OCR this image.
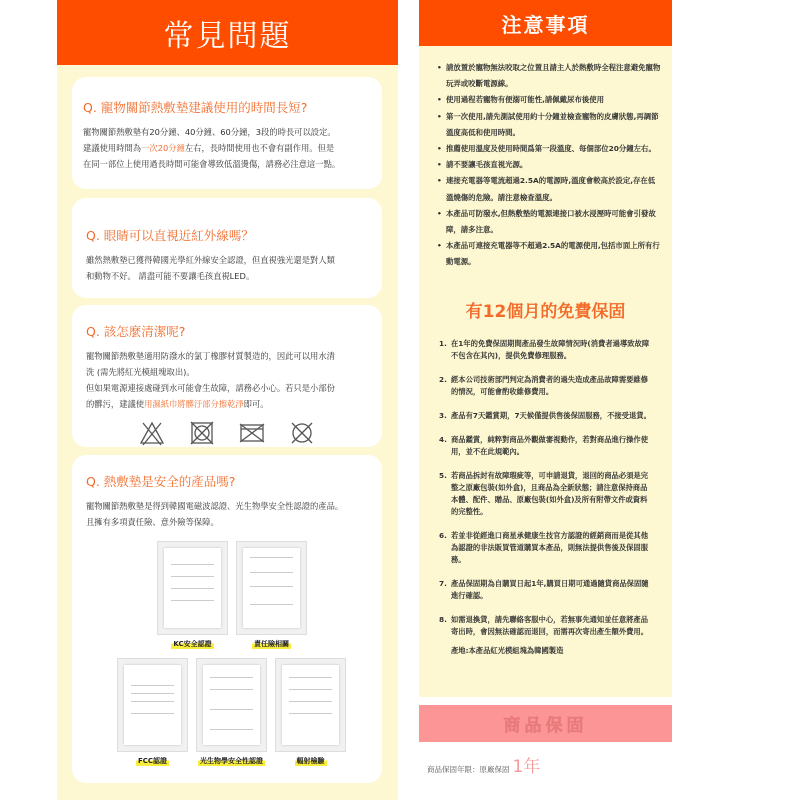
常見問題
Q. 寵物關節熱敷墊建議使用的時間長短?
寵物關節熱敷墊有20分鐘、40分鐘、60分鐘，3段的時長可以設定。
建議使用時間為一次20分鐘左右，長時間使用也不會有副作用。但是
在同一部位上使用過長時間可能會導致低溫燙傷，請務必注意這一點。
Q. 眼睛可以直視近紅外線嗎？
雖然熱敷墊已獲得韓國光學紅外線安全認證，但直視強光還是對人類
和動物不好。 請盡可能不要讓毛孩直視LED。
Q. 該怎麼清潔呢?
寵物關節熱敷墊適用防潑水的氯丁橡膠材質製造的，因此可以用水清
洗 (需先將紅光模組塊取出)。
但如果電源連接處碰到水可能會生故障，請務必小心。若只是小部份
的髒污，建議使用濕紙巾將髒汙部分擦乾淨即可。
Q. 熱敷墊是安全的產品嗎?
寵物關節熱敷墊是得到韓國電磁波認證、光生物學安全性認證的產品。
且擁有多項責任險、意外險等保障。
KC安全認證	責任險相關
FCC認證	光生物學安全性認證	輻射檢驗
注意事項
• 請放置於寵物無法咬取之位置且請主人於熱敷時全程注意避免寵物玩弄或咬斷電源線。
• 使用過程若寵物有便溺可能性,請佩戴尿布後使用
• 第一次使用,請先測試使用約十分鐘並檢查寵物的皮膚狀態,再調節溫度高低和使用時間。
• 推薦使用溫度及使用時間爲第一段溫度、每個部位20分鐘左右。
• 請不要讓毛孩直視光源。
• 連接充電器等電流超過2.5A的電源時,溫度會較高於設定,存在低溫燒傷的危險。請注意檢查溫度。
• 本產品可防潑水,但熱敷墊的電源連接口被水浸溼時可能會引發故障，請多注意。
• 本產品可連接充電器等不超過2.5A的電源使用,包括市面上所有行動電源。
有12個月的免費保固
1. 在1年的免費保固期間產品發生故障情況時(消費者過導致故障不包含在其內)，提供免費修理服務。
2. 經本公司技術部門判定為消費者的過失造成產品故障需要維修的情況，可能會酌收維修費用。
3. 產品有7天鑑賞期，7天候僅提供售後保固服務，不接受退貨。
4. 商品鑑賞，純粹對商品外觀做審視動作，若對商品進行操作使用，並不在此規範內。
5. 若商品拆封有故障瑕疵等，可申請退貨，退回的商品必須是完整之原廠包裝(如外盒)，且商品為全新狀態；請注意保持商品本體、配件、贈品、原廠包裝(如外盒)及所有附帶文件或資料的完整性。
6. 若並非從經進口商星承健康生技官方認證的經銷商而是從其他為認證的非法販買管道購買本產品，則無法提供售後及保固服務。
7. 產品保固期為自購買日起1年,購買日期可通過隨貨商品保固隨進行確認。
8. 如需退換貨，請先聯絡客服中心，若無事先通知並任意將產品寄出時，會因無法確認而退回，而需再次寄出產生額外費用。
產地:本產品紅光模組塊為韓國製造
商品保固
商品保固年限：原廠保固 1年
